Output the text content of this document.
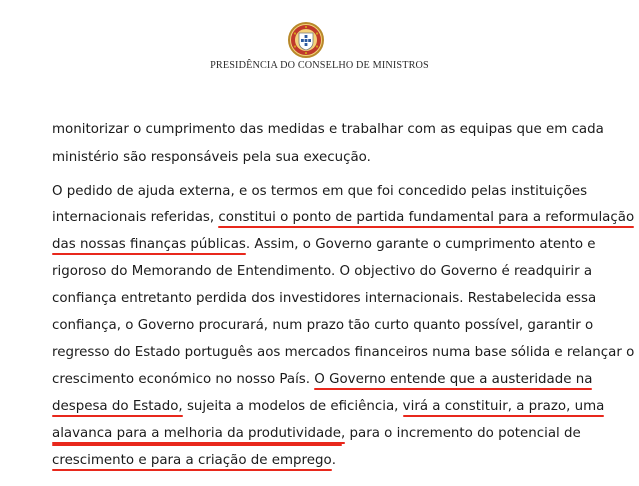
PRESIDÊNCIA DO CONSELHO DE MINISTROS
monitorizar o cumprimento das medidas e trabalhar com as equipas que em cada
ministério são responsáveis pela sua execução.
O pedido de ajuda externa, e os termos em que foi concedido pelas instituições
internacionais referidas, constitui o ponto de partida fundamental para a reformulação
das nossas finanças públicas. Assim, o Governo garante o cumprimento atento e
rigoroso do Memorando de Entendimento. O objectivo do Governo é readquirir a
confiança entretanto perdida dos investidores internacionais. Restabelecida essa
confiança, o Governo procurará, num prazo tão curto quanto possível, garantir o
regresso do Estado português aos mercados financeiros numa base sólida e relançar o
crescimento económico no nosso País. O Governo entende que a austeridade na
despesa do Estado, sujeita a modelos de eficiência, virá a constituir, a prazo, uma
alavanca para a melhoria da produtividade, para o incremento do potencial de
crescimento e para a criação de emprego.
